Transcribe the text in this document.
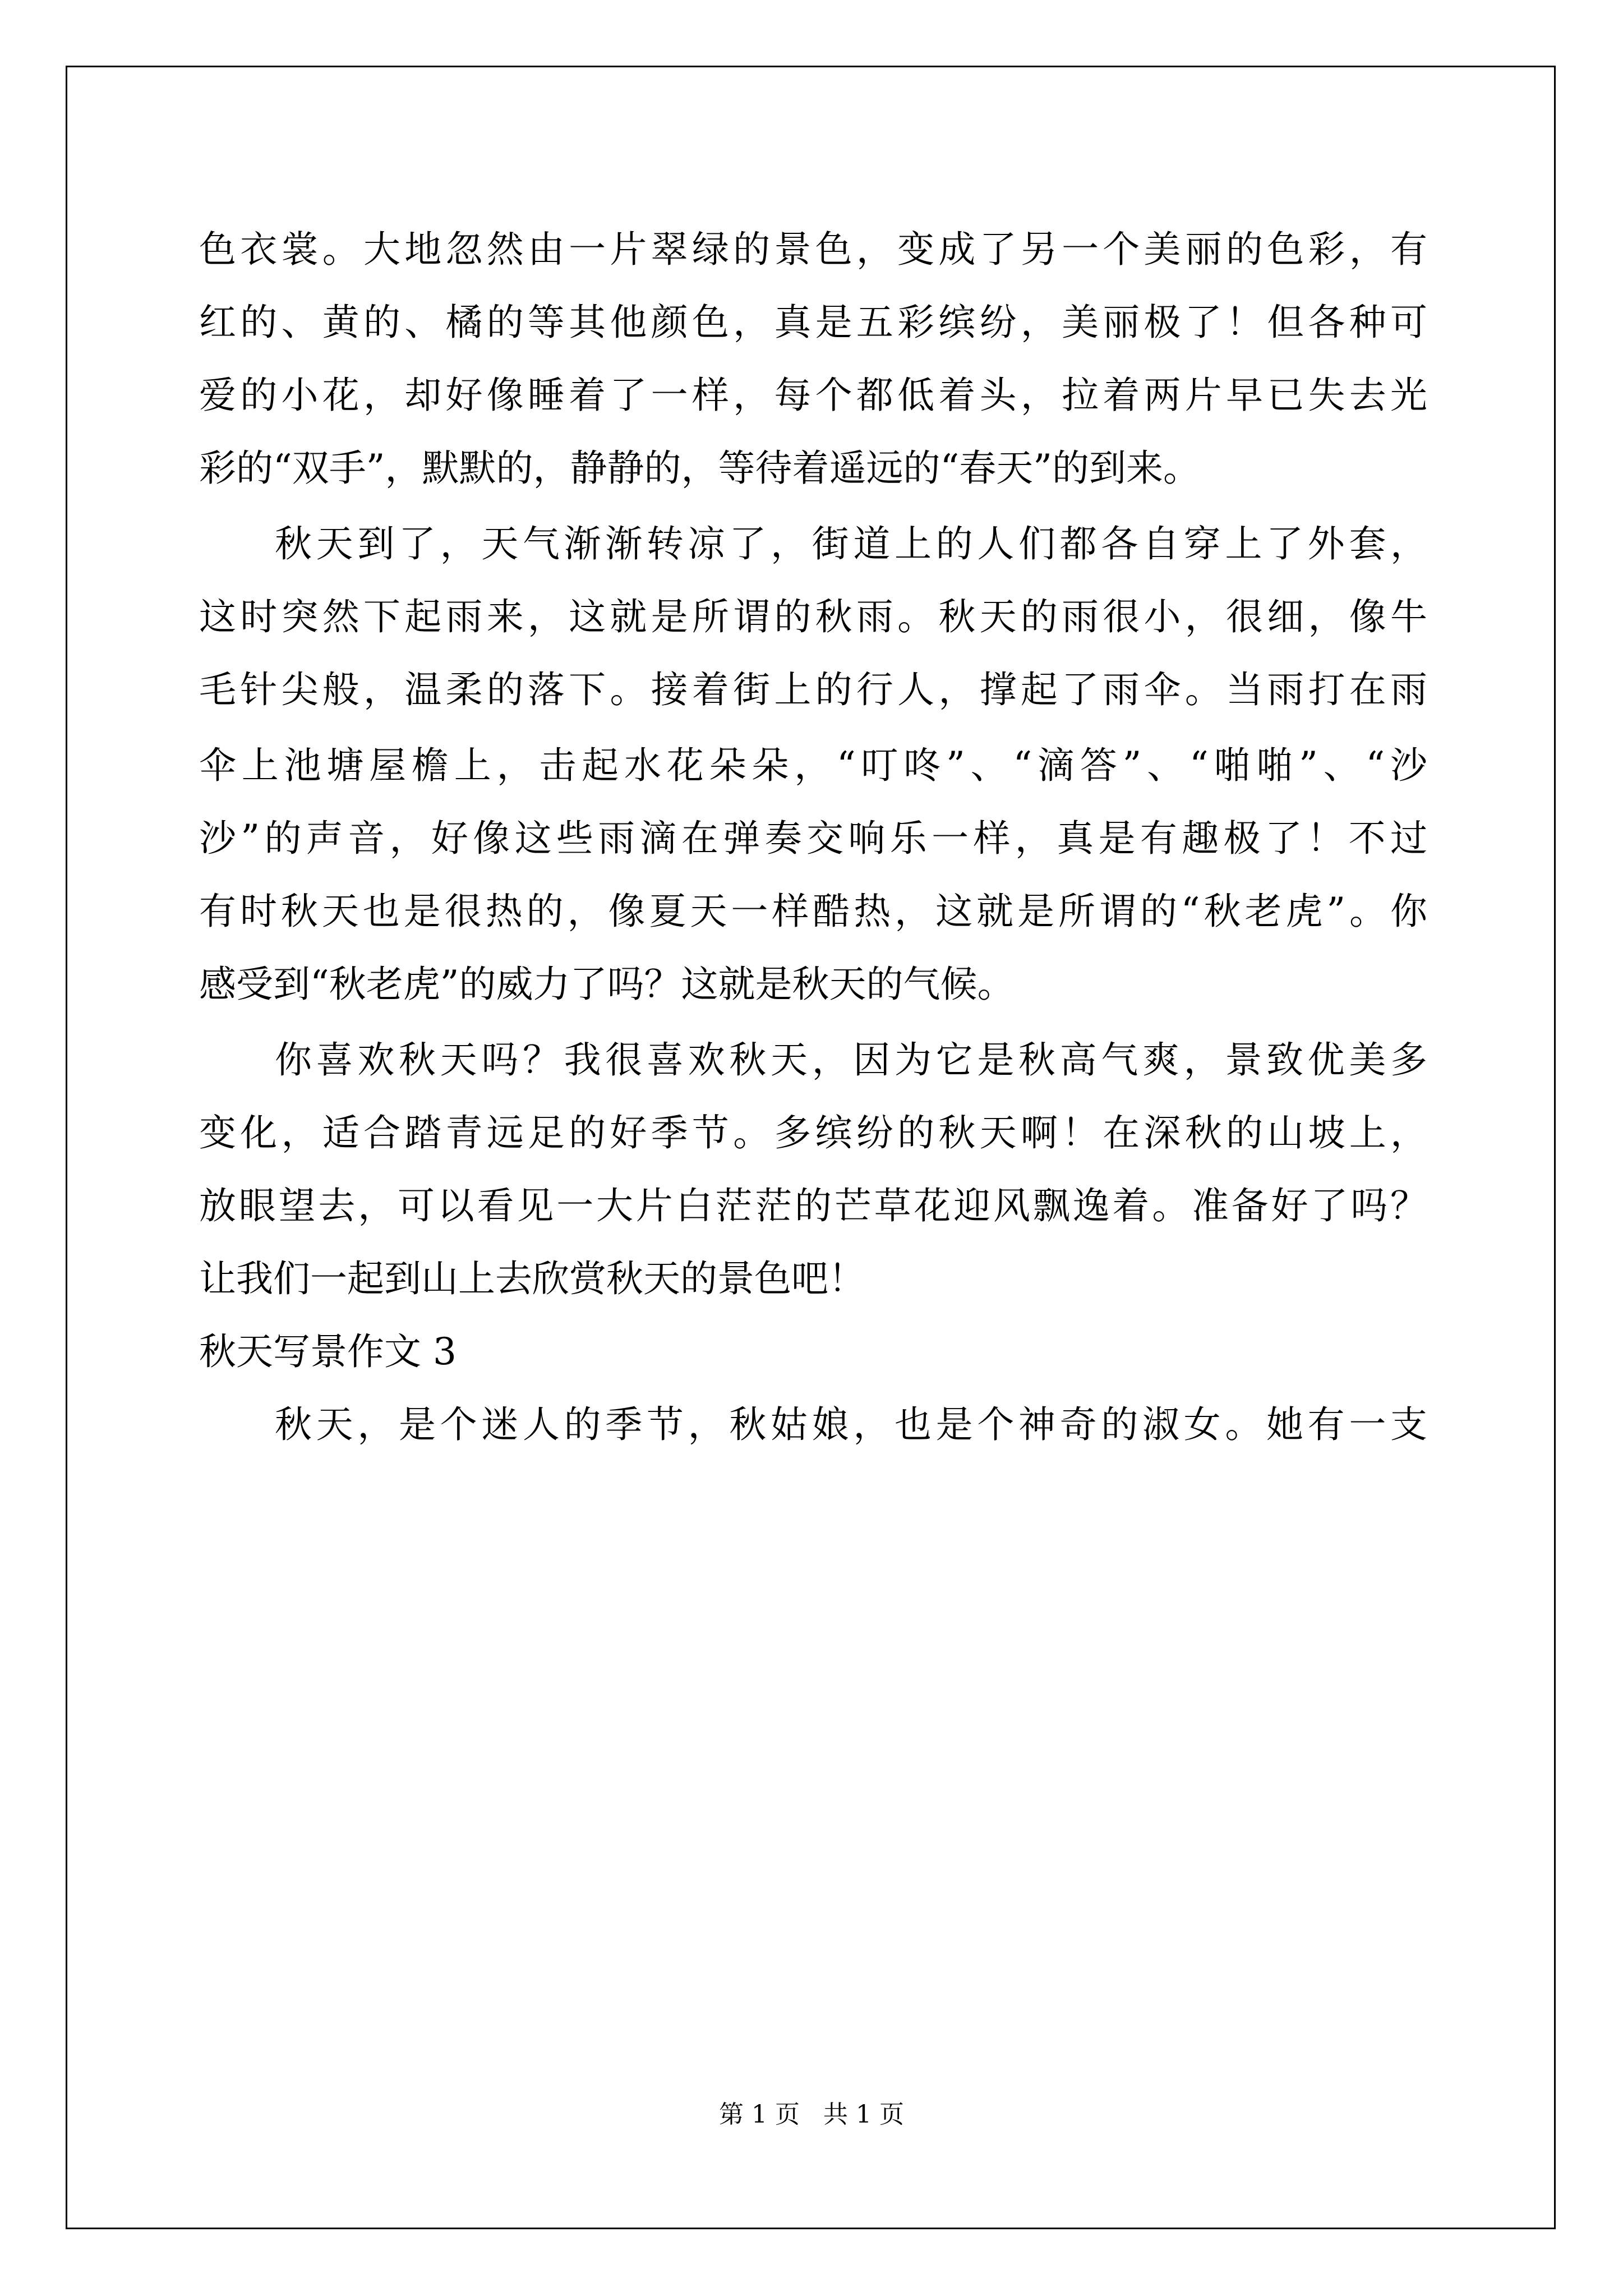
色衣裳。大地忽然由一片翠绿的景色，变成了另一个美丽的色彩，有
红的、黄的、橘的等其他颜色，真是五彩缤纷，美丽极了！但各种可
爱的小花，却好像睡着了一样，每个都低着头，拉着两片早已失去光
彩的“双手”，默默的，静静的，等待着遥远的“春天”的到来。
秋天到了，天气渐渐转凉了，街道上的人们都各自穿上了外套，
这时突然下起雨来，这就是所谓的秋雨。秋天的雨很小，很细，像牛
毛针尖般，温柔的落下。接着街上的行人，撑起了雨伞。当雨打在雨
伞上池塘屋檐上，击起水花朵朵，“叮咚”、“滴答”、“啪啪”、“沙
沙”的声音，好像这些雨滴在弹奏交响乐一样，真是有趣极了！不过
有时秋天也是很热的，像夏天一样酷热，这就是所谓的“秋老虎”。你
感受到“秋老虎”的威力了吗？这就是秋天的气候。
你喜欢秋天吗？我很喜欢秋天，因为它是秋高气爽，景致优美多
变化，适合踏青远足的好季节。多缤纷的秋天啊！在深秋的山坡上，
放眼望去，可以看见一大片白茫茫的芒草花迎风飘逸着。准备好了吗？
让我们一起到山上去欣赏秋天的景色吧！
秋天写景作文 3
秋天，是个迷人的季节，秋姑娘，也是个神奇的淑女。她有一支
第 1 页   共 1 页
